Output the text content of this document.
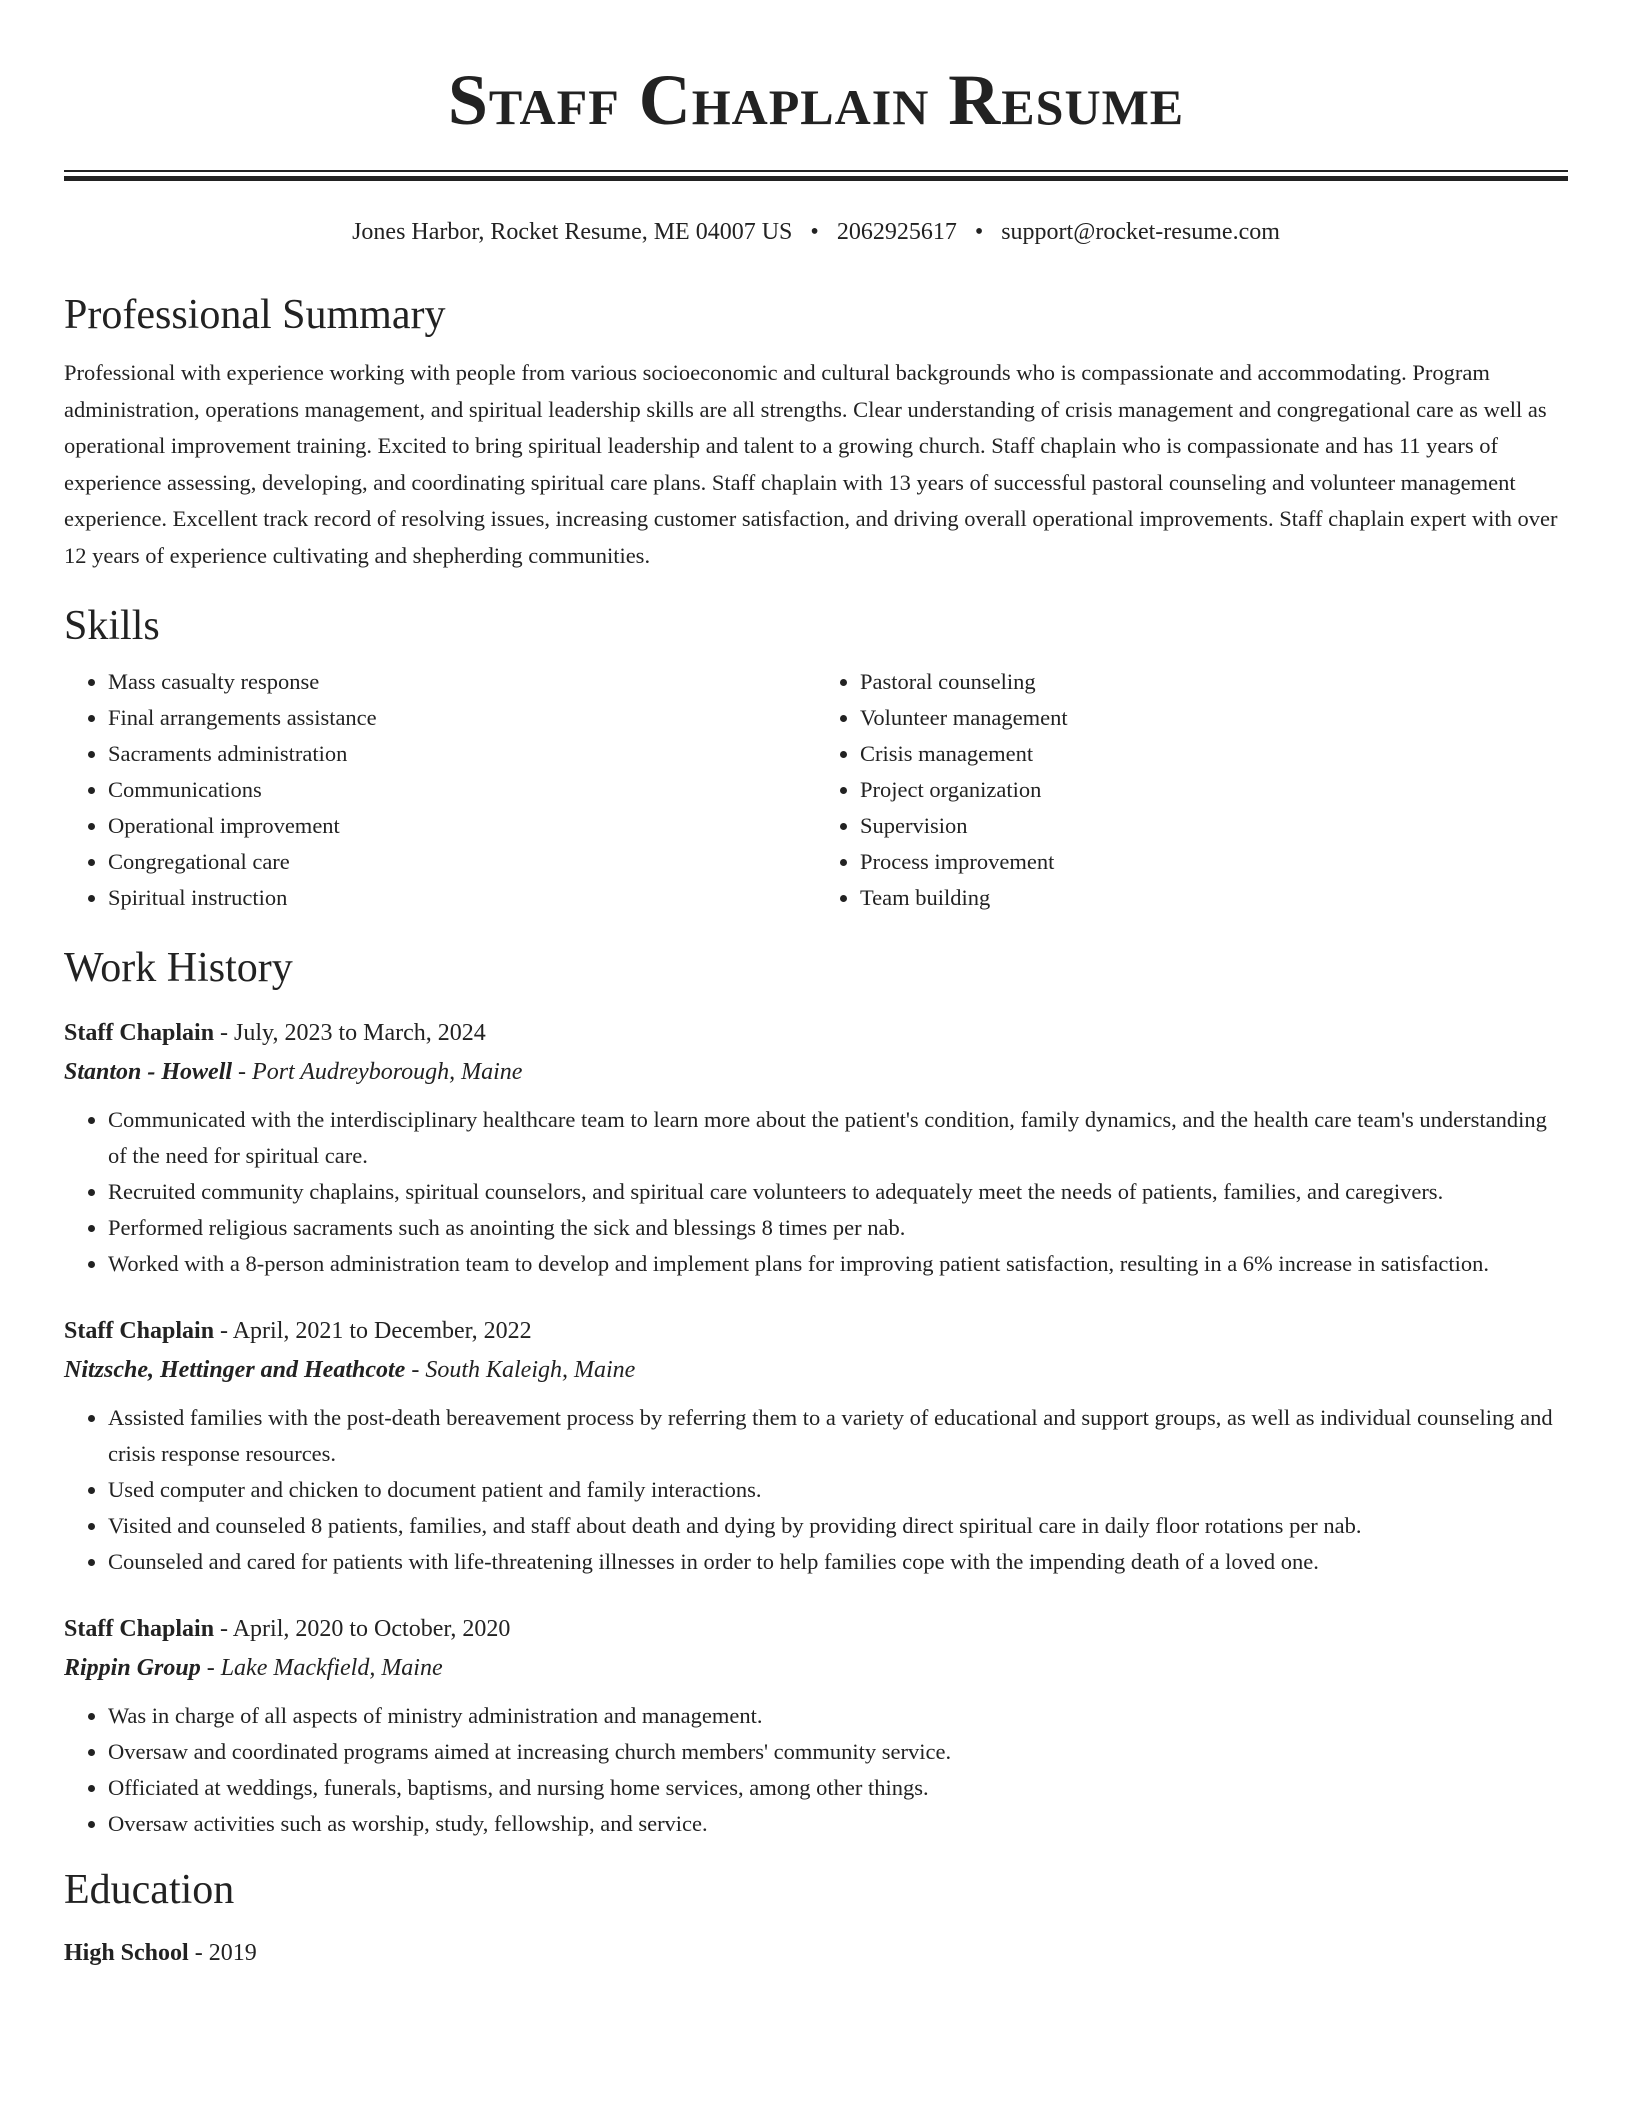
Staff Chaplain Resume
Jones Harbor, Rocket Resume, ME 04007 US • 2062925617 • support@rocket-resume.com
Professional Summary

Professional with experience working with people from various socioeconomic and cultural backgrounds who is compassionate and accommodating. Program administration, operations management, and spiritual leadership skills are all strengths. Clear understanding of crisis management and congregational care as well as operational improvement training. Excited to bring spiritual leadership and talent to a growing church. Staff chaplain who is compassionate and has 11 years of experience assessing, developing, and coordinating spiritual care plans. Staff chaplain with 13 years of successful pastoral counseling and volunteer management experience. Excellent track record of resolving issues, increasing customer satisfaction, and driving overall operational improvements. Staff chaplain expert with over 12 years of experience cultivating and shepherding communities.

Skills
• Mass casualty response
• Final arrangements assistance
• Sacraments administration
• Communications
• Operational improvement
• Congregational care
• Spiritual instruction
• Pastoral counseling
• Volunteer management
• Crisis management
• Project organization
• Supervision
• Process improvement
• Team building
Work History
Staff Chaplain - July, 2023 to March, 2024
Stanton - Howell - Port Audreyborough, Maine
• Communicated with the interdisciplinary healthcare team to learn more about the patient's condition, family dynamics, and the health care team's understanding of the need for spiritual care.
• Recruited community chaplains, spiritual counselors, and spiritual care volunteers to adequately meet the needs of patients, families, and caregivers.
• Performed religious sacraments such as anointing the sick and blessings 8 times per nab.
• Worked with a 8-person administration team to develop and implement plans for improving patient satisfaction, resulting in a 6% increase in satisfaction.
Staff Chaplain - April, 2021 to December, 2022
Nitzsche, Hettinger and Heathcote - South Kaleigh, Maine
• Assisted families with the post-death bereavement process by referring them to a variety of educational and support groups, as well as individual counseling and crisis response resources.
• Used computer and chicken to document patient and family interactions.
• Visited and counseled 8 patients, families, and staff about death and dying by providing direct spiritual care in daily floor rotations per nab.
• Counseled and cared for patients with life-threatening illnesses in order to help families cope with the impending death of a loved one.
Staff Chaplain - April, 2020 to October, 2020
Rippin Group - Lake Mackfield, Maine
• Was in charge of all aspects of ministry administration and management.
• Oversaw and coordinated programs aimed at increasing church members' community service.
• Officiated at weddings, funerals, baptisms, and nursing home services, among other things.
• Oversaw activities such as worship, study, fellowship, and service.
Education
High School - 2019
